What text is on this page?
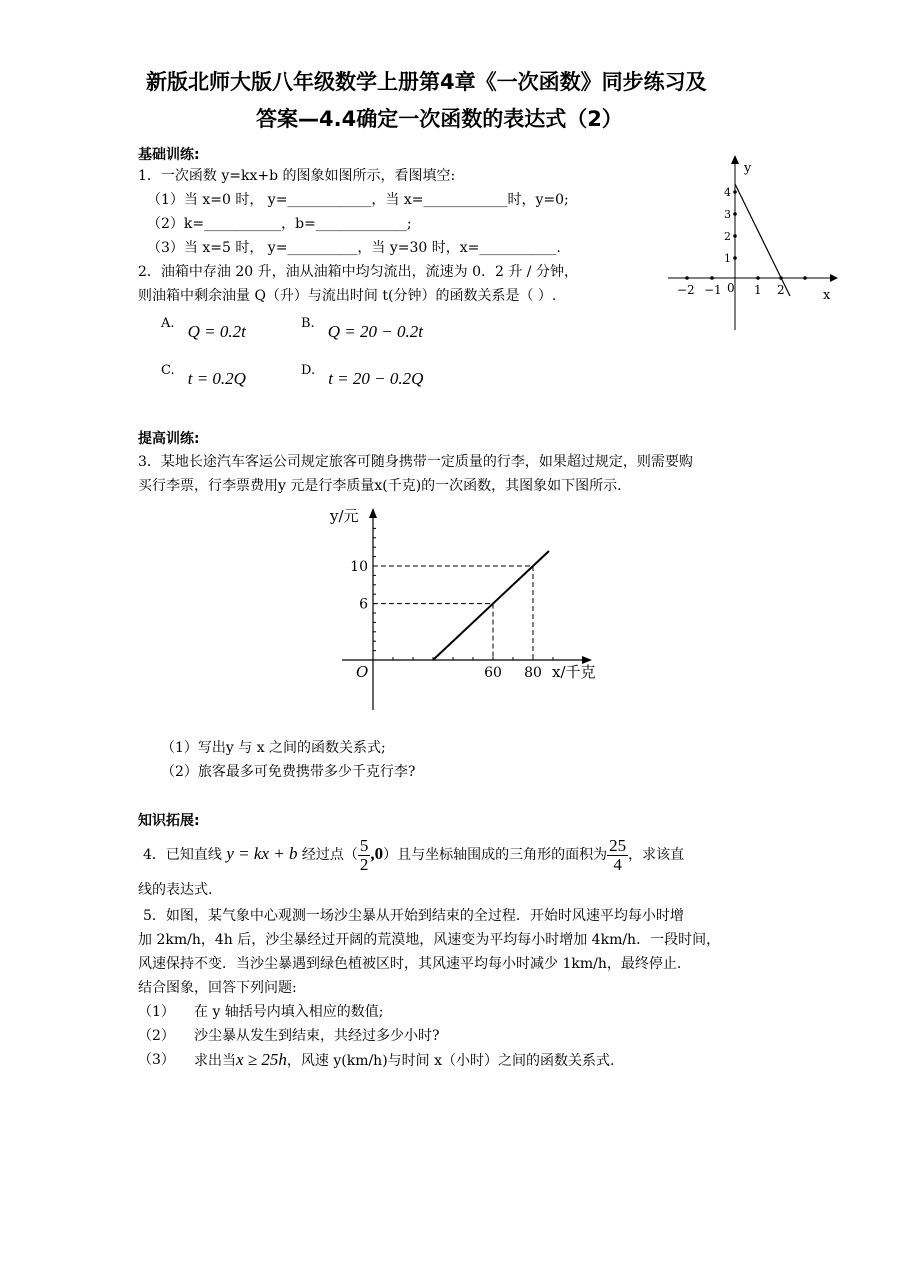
新版北师大版八年级数学上册第4章《一次函数》同步练习及
答案—4.4确定一次函数的表达式（2）
基础训练:
1．一次函数 y=kx+b 的图象如图所示，看图填空:
（1）当 x=0 时， y=____________，当 x=____________时，y=0;
（2）k=___________，b=_____________;
（3）当 x=5 时， y=__________，当 y=30 时，x=___________.
2．油箱中存油 20 升，油从油箱中均匀流出，流速为 0．2 升 / 分钟，
则油箱中剩余油量 Q（升）与流出时间 t(分钟）的函数关系是（ ）.
A. Q = 0.2t	B. Q = 20 − 0.2t
C. t = 0.2Q	D. t = 20 − 0.2Q
y
x
−2 −1 0 1 2
4
3
2
1
提高训练:
3．某地长途汽车客运公司规定旅客可随身携带一定质量的行李，如果超过规定，则需要购
买行李票，行李票费用y 元是行李质量x(千克)的一次函数，其图象如下图所示.
y/元
x/千克
O	60 80
10
6
（1）写出y 与 x 之间的函数关系式;
（2）旅客最多可免费携带多少千克行李?
知识拓展:
4．已知直线 y = kx + b 经过点（ $\frac{5}{2} ,0$）且与坐标轴围成的三角形的面积为 $\frac{25}{4}$ ，求该直
线的表达式.
5．如图，某气象中心观测一场沙尘暴从开始到结束的全过程．开始时风速平均每小时增
加 2km/h，4h 后，沙尘暴经过开阔的荒漠地，风速变为平均每小时增加 4km/h．一段时间，
风速保持不变．当沙尘暴遇到绿色植被区时，其风速平均每小时减少 1km/h，最终停止.
结合图象，回答下列问题:
（1） 在 y 轴括号内填入相应的数值;
（2） 沙尘暴从发生到结束，共经过多少小时?
（3） 求出当x ≥ 25h，风速 y(km/h)与时间 x（小时）之间的函数关系式.
